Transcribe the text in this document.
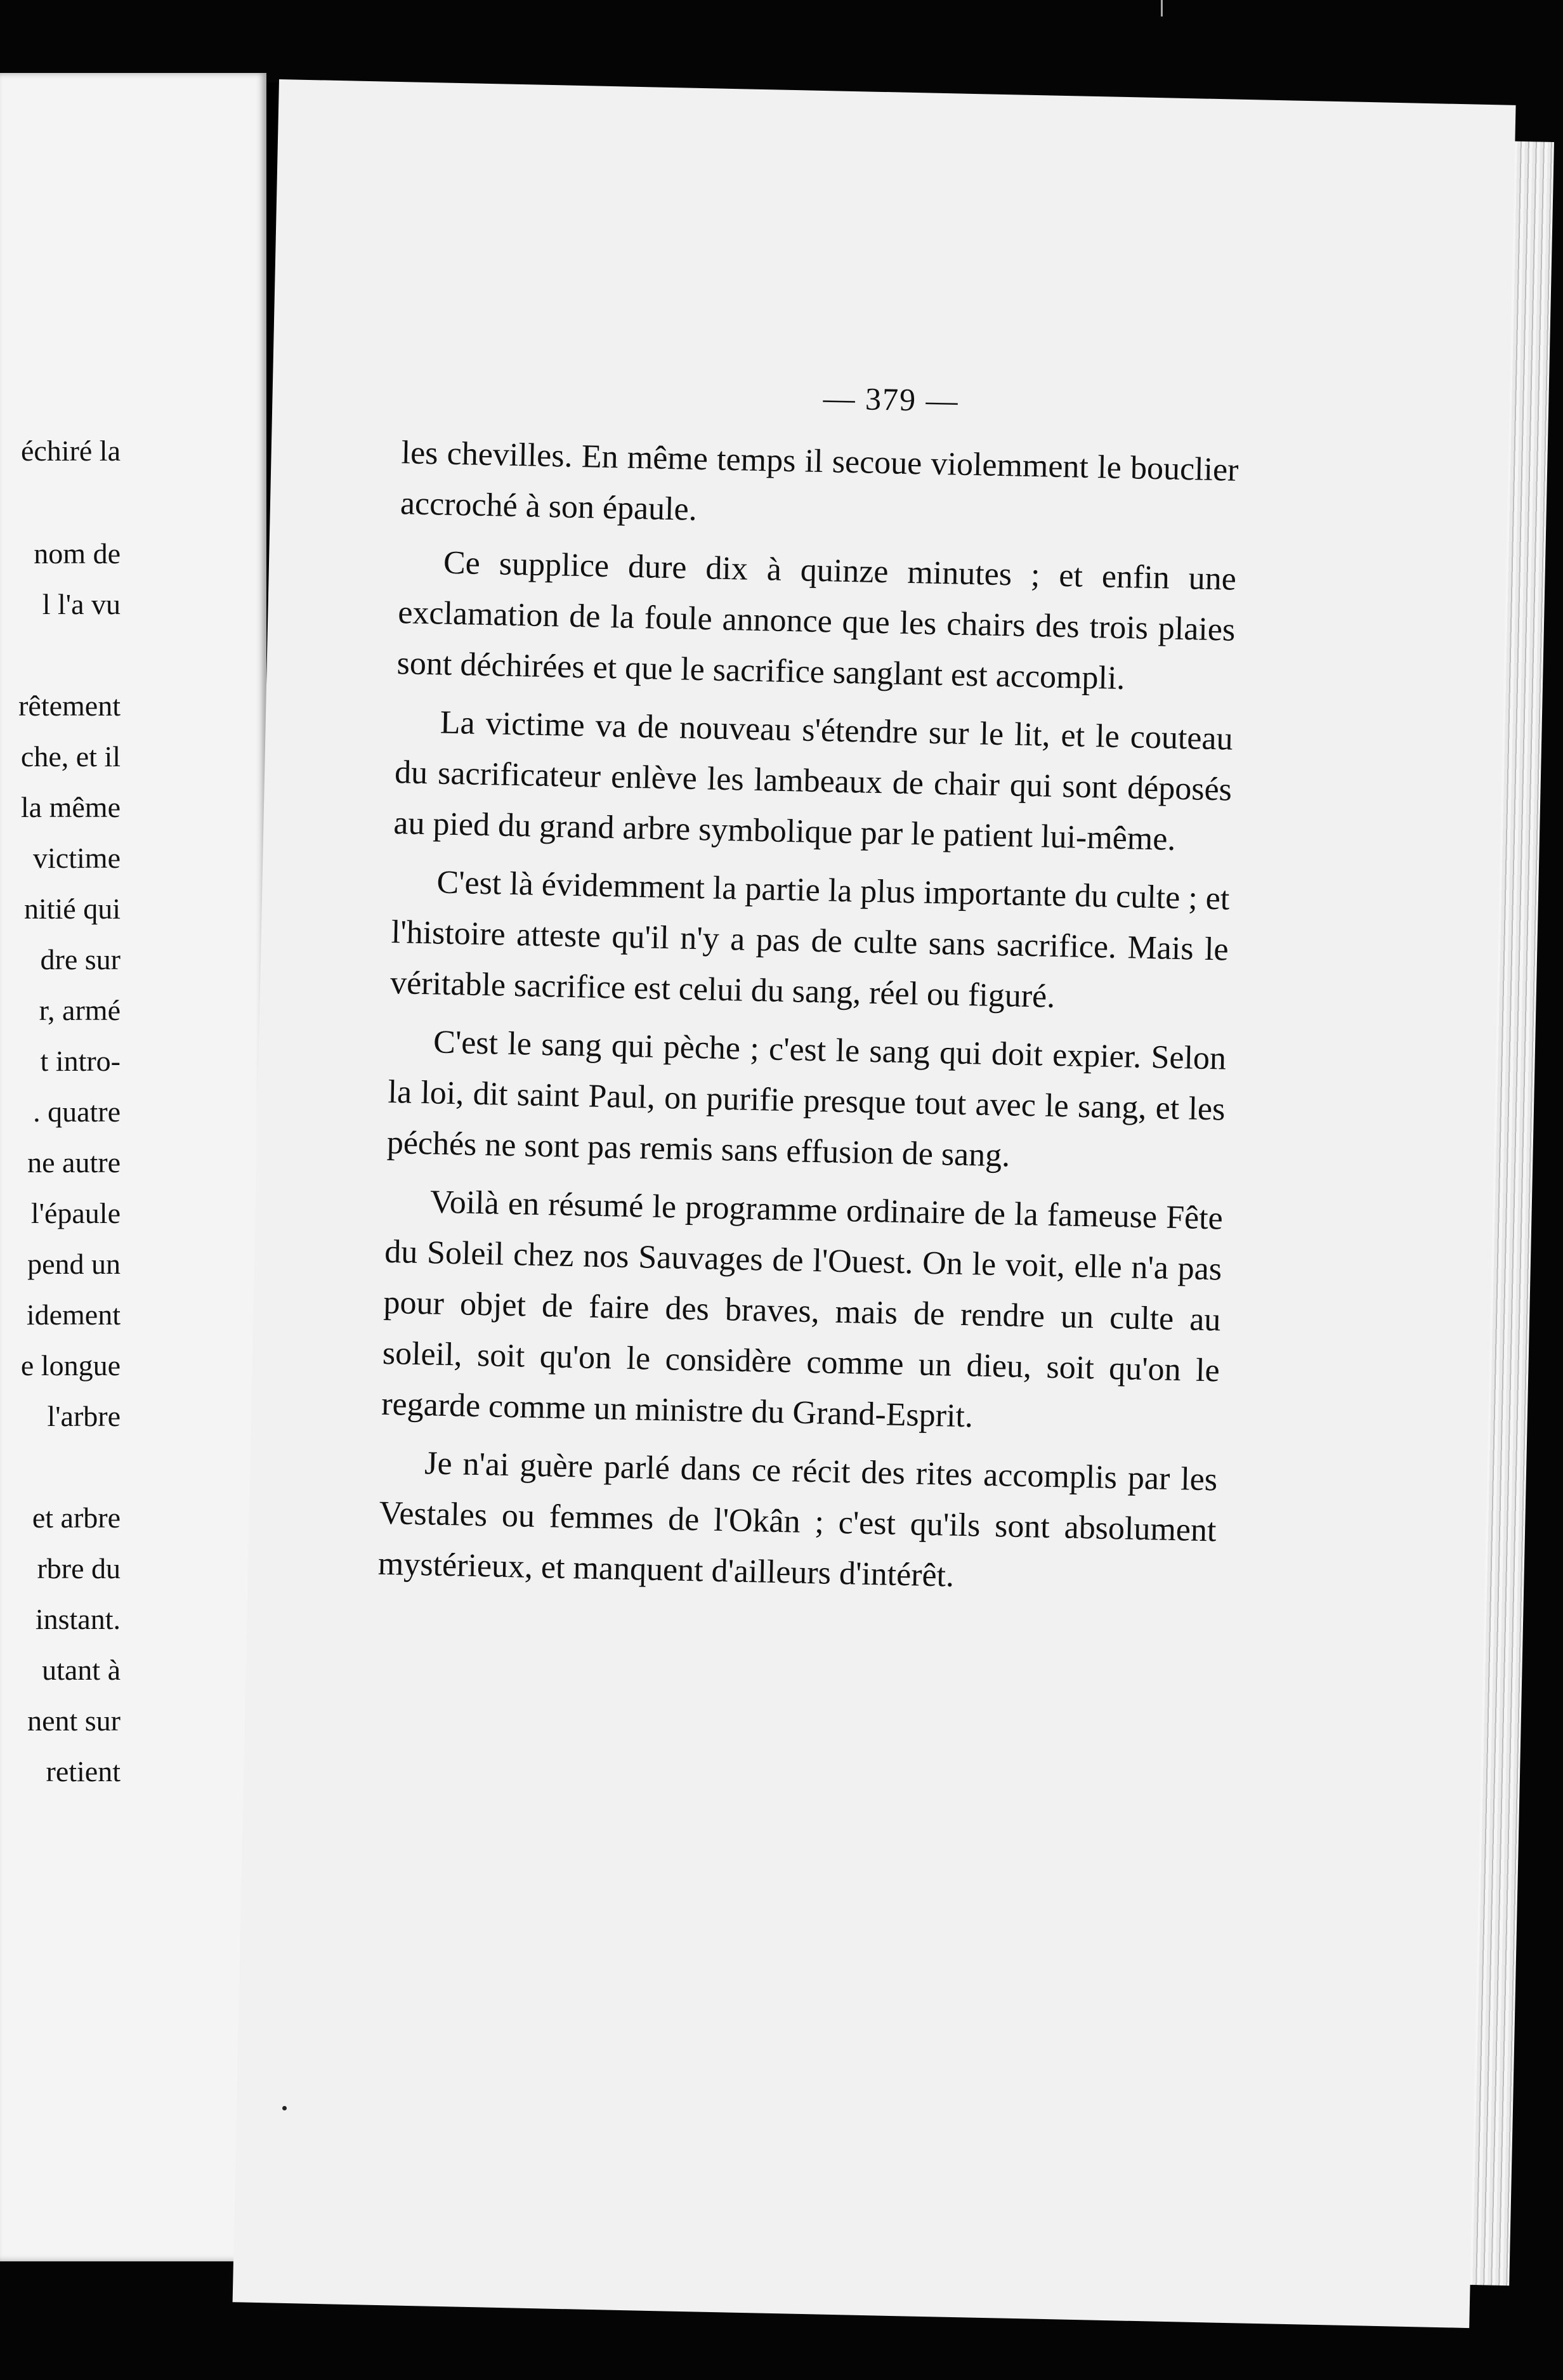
échiré la
nom de
l l'a vu
rêtement
che, et il
la même
victime
nitié qui
dre sur
r, armé
t intro-
. quatre
ne autre
l'épaule
pend un
idement
e longue
l'arbre
et arbre
rbre du
instant.
utant à
nent sur
retient
— 379 —

les chevilles. En même temps il secoue violemment le bouclier accroché à son épaule.

Ce supplice dure dix à quinze minutes ; et enfin une exclamation de la foule annonce que les chairs des trois plaies sont déchirées et que le sacrifice sanglant est accompli.

La victime va de nouveau s'étendre sur le lit, et le couteau du sacrificateur enlève les lambeaux de chair qui sont déposés au pied du grand arbre symbolique par le patient lui-même.

C'est là évidemment la partie la plus importante du culte ; et l'histoire atteste qu'il n'y a pas de culte sans sacrifice. Mais le véritable sacrifice est celui du sang, réel ou figuré.

C'est le sang qui pèche ; c'est le sang qui doit expier. Selon la loi, dit saint Paul, on purifie presque tout avec le sang, et les péchés ne sont pas remis sans effusion de sang.

Voilà en résumé le programme ordinaire de la fameuse Fête du Soleil chez nos Sauvages de l'Ouest. On le voit, elle n'a pas pour objet de faire des braves, mais de rendre un culte au soleil, soit qu'on le considère comme un dieu, soit qu'on le regarde comme un ministre du Grand-Esprit.

Je n'ai guère parlé dans ce récit des rites accomplis par les Vestales ou femmes de l'Okân ; c'est qu'ils sont absolument mystérieux, et manquent d'ailleurs d'intérêt.
